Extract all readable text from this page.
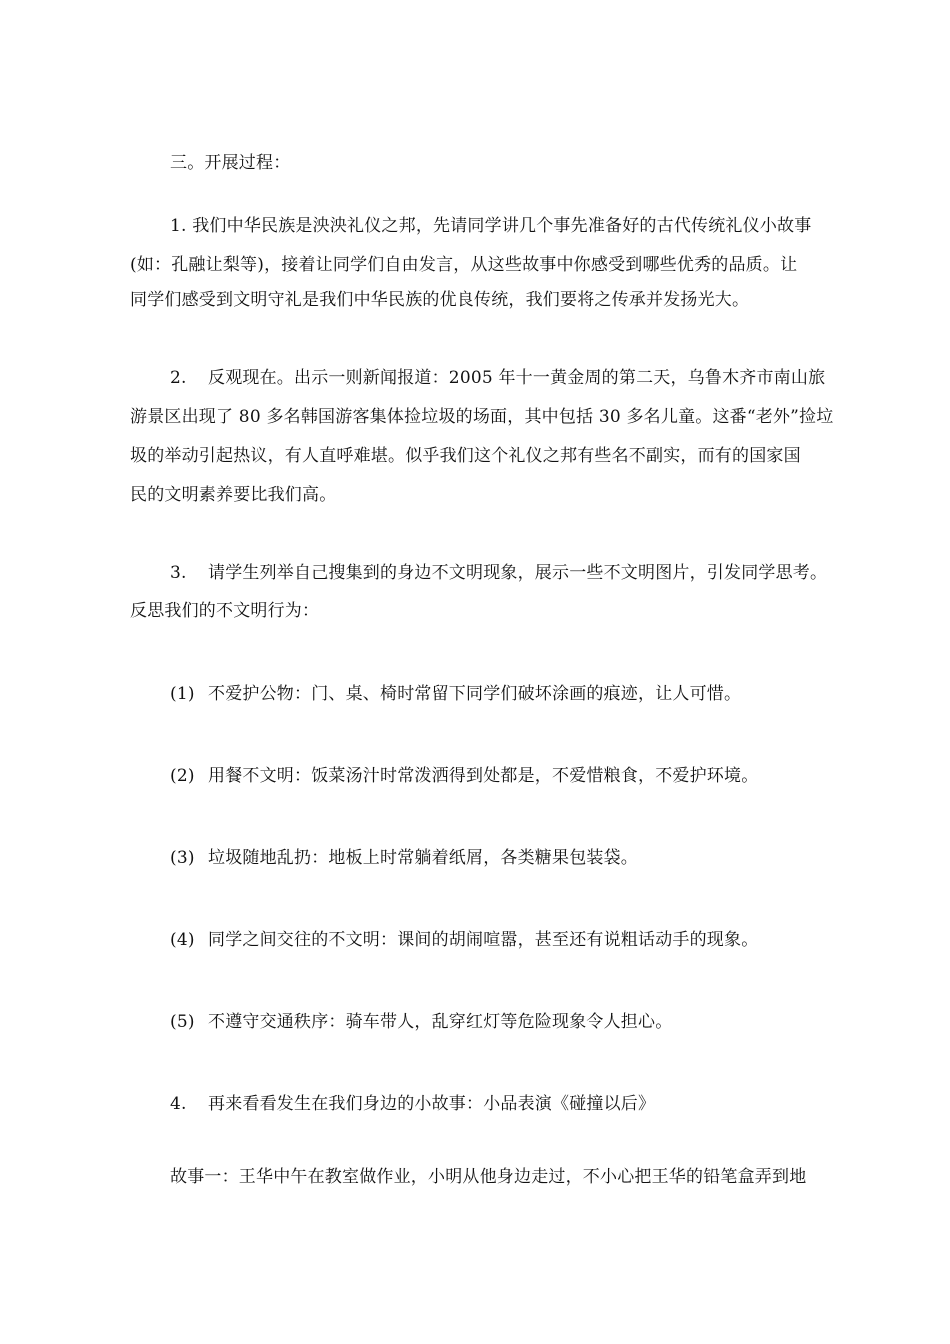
三。开展过程：
1. 我们中华民族是泱泱礼仪之邦，先请同学讲几个事先准备好的古代传统礼仪小故事
(如：孔融让梨等)，接着让同学们自由发言，从这些故事中你感受到哪些优秀的品质。让
同学们感受到文明守礼是我们中华民族的优良传统，我们要将之传承并发扬光大。
2. 反观现在。出示一则新闻报道：2005 年十一黄金周的第二天，乌鲁木齐市南山旅
游景区出现了 80 多名韩国游客集体捡垃圾的场面，其中包括 30 多名儿童。这番“老外”捡垃
圾的举动引起热议，有人直呼难堪。似乎我们这个礼仪之邦有些名不副实，而有的国家国
民的文明素养要比我们高。
3. 请学生列举自己搜集到的身边不文明现象，展示一些不文明图片，引发同学思考。
反思我们的不文明行为：
(1) 不爱护公物：门、桌、椅时常留下同学们破坏涂画的痕迹，让人可惜。
(2) 用餐不文明：饭菜汤汁时常泼洒得到处都是，不爱惜粮食，不爱护环境。
(3) 垃圾随地乱扔：地板上时常躺着纸屑，各类糖果包装袋。
(4) 同学之间交往的不文明：课间的胡闹喧嚣，甚至还有说粗话动手的现象。
(5) 不遵守交通秩序：骑车带人，乱穿红灯等危险现象令人担心。
4. 再来看看发生在我们身边的小故事：小品表演《碰撞以后》
故事一：王华中午在教室做作业，小明从他身边走过，不小心把王华的铅笔盒弄到地
